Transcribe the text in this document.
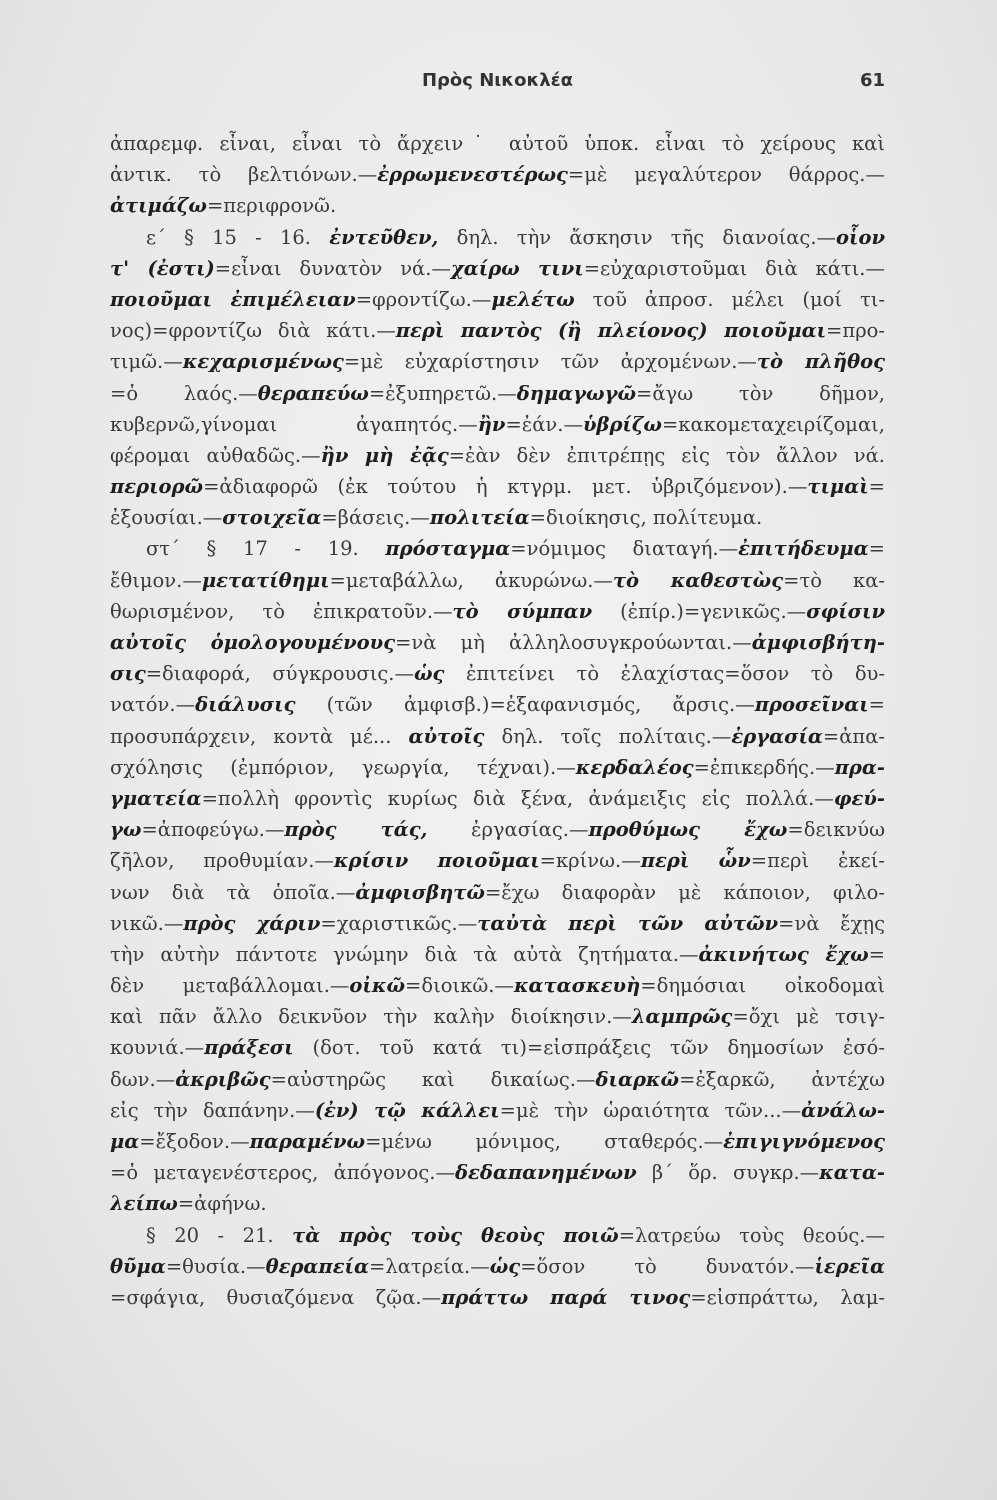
Πρὸς Νικοκλέα	61
ἀπαρεμφ. εἶναι, εἶναι τὸ ἄρχειν˙ αὐτοῦ ὑποκ. εἶναι τὸ χείρους καὶ
ἀντικ. τὸ βελτιόνων.—ἐρρωμενεστέρως=μὲ μεγαλύτερον θάρρος.—
ἀτιμάζω=περιφρονῶ.
ε´ § 15 - 16. ἐντεῦθεν, δηλ. τὴν ἄσκησιν τῆς διανοίας.—οἷον
τ' (ἐστι)=εἶναι δυνατὸν νά.—χαίρω τινι=εὐχαριστοῦμαι διὰ κάτι.—
ποιοῦμαι ἐπιμέλειαν=φροντίζω.—μελέτω τοῦ ἀπροσ. μέλει (μοί τι-
νος)=φροντίζω διὰ κάτι.—περὶ παντὸς (ἢ πλείονος) ποιοῦμαι=προ-
τιμῶ.—κεχαρισμένως=μὲ εὐχαρίστησιν τῶν ἀρχομένων.—τὸ πλῆθος
=ὁ λαός.—θεραπεύω=ἐξυπηρετῶ.—δημαγωγῶ=ἄγω τὸν δῆμον,
κυβερνῶ,γίνομαι ἀγαπητός.—ἢν=ἐάν.—ὑβρίζω=κακομεταχειρίζομαι,
φέρομαι αὐθαδῶς.—ἢν μὴ ἐᾷς=ἐὰν δὲν ἐπιτρέπῃς εἰς τὸν ἄλλον νά.
περιορῶ=ἀδιαφορῶ (ἐκ τούτου ἡ κτγρμ. μετ. ὑβριζόμενον).—τιμαὶ=
ἐξουσίαι.—στοιχεῖα=βάσεις.—πολιτεία=διοίκησις, πολίτευμα.
στ´ § 17 - 19. πρόσταγμα=νόμιμος διαταγή.—ἐπιτήδευμα=
ἔθιμον.—μετατίθημι=μεταβάλλω, ἀκυρώνω.—τὸ καθεστὼς=τὸ κα-
θωρισμένον, τὸ ἐπικρατοῦν.—τὸ σύμπαν (ἐπίρ.)=γενικῶς.—σφίσιν
αὐτοῖς ὁμολογουμένους=νὰ μὴ ἀλληλοσυγκρούωνται.—ἀμφισβήτη-
σις=διαφορά, σύγκρουσις.—ὡς ἐπιτείνει τὸ ἐλαχίστας=ὅσον τὸ δυ-
νατόν.—διάλυσις (τῶν ἀμφισβ.)=ἐξαφανισμός, ἄρσις.—προσεῖναι=
προσυπάρχειν, κοντὰ μέ... αὐτοῖς δηλ. τοῖς πολίταις.—ἐργασία=ἀπα-
σχόλησις (ἐμπόριον, γεωργία, τέχναι).—κερδαλέος=ἐπικερδής.—πρα-
γματεία=πολλὴ φροντὶς κυρίως διὰ ξένα, ἀνάμειξις εἰς πολλά.—φεύ-
γω=ἀποφεύγω.—πρὸς τάς, ἐργασίας.—προθύμως ἔχω=δεικνύω
ζῆλον, προθυμίαν.—κρίσιν ποιοῦμαι=κρίνω.—περὶ ὧν=περὶ ἐκεί-
νων διὰ τὰ ὁποῖα.—ἀμφισβητῶ=ἔχω διαφορὰν μὲ κάποιον, φιλο-
νικῶ.—πρὸς χάριν=χαριστικῶς.—ταὐτὰ περὶ τῶν αὐτῶν=νὰ ἔχῃς
τὴν αὐτὴν πάντοτε γνώμην διὰ τὰ αὐτὰ ζητήματα.—ἀκινήτως ἔχω=
δὲν μεταβάλλομαι.—οἰκῶ=διοικῶ.—κατασκευὴ=δημόσιαι οἰκοδομαὶ
καὶ πᾶν ἄλλο δεικνῦον τὴν καλὴν διοίκησιν.—λαμπρῶς=ὄχι μὲ τσιγ-
κουνιά.—πράξεσι (δοτ. τοῦ κατά τι)=εἰσπράξεις τῶν δημοσίων ἐσό-
δων.—ἀκριβῶς=αὐστηρῶς καὶ δικαίως.—διαρκῶ=ἐξαρκῶ, ἀντέχω
εἰς τὴν δαπάνην.—(ἐν) τῷ κάλλει=μὲ τὴν ὡραιότητα τῶν...—ἀνάλω-
μα=ἔξοδον.—παραμένω=μένω μόνιμος, σταθερός.—ἐπιγιγνόμενος
=ὁ μεταγενέστερος, ἀπόγονος.—δεδαπανημένων β´ ὅρ. συγκρ.—κατα-
λείπω=ἀφήνω.
§ 20 - 21. τὰ πρὸς τοὺς θεοὺς ποιῶ=λατρεύω τοὺς θεούς.—
θῦμα=θυσία.—θεραπεία=λατρεία.—ὡς=ὅσον τὸ δυνατόν.—ἱερεῖα
=σφάγια, θυσιαζόμενα ζῷα.—πράττω παρά τινος=εἰσπράττω, λαμ-
